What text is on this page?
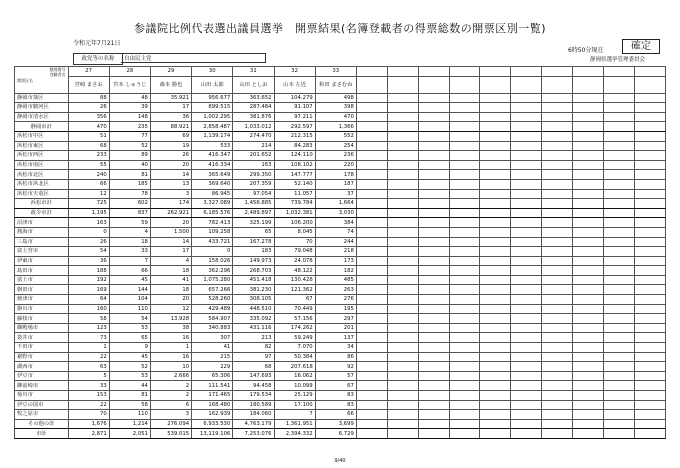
参議院比例代表選出議員選挙　開票結果(名簿登載者の得票総数の開票区別一覧)
令和元年7月21日
政党等の名称	自由民主党
6時50分現在	確定
静岡県選挙管理委員会
整理番号
登載者名
開票区名	27	28	29	30	31	32	33										
	宮崎 まさお	宮本 しゅうじ	森本 勝也	山田 太郎	山田 としお	山本 左近	和田 まさむね										
静岡市葵区	88	48	35.921	956.677	363.652	104.279	498										
静岡市駿河区	26	39	17	899.515	287.484	91.107	398										
静岡市清水区	356	148	36	1,002.295	381.876	97.211	470										
静岡市計	470	235	88.921	2,858.487	1,033.012	292.597	1,366										
浜松市中区	51	77	69	1,139.174	274.470	212.315	552										
浜松市東区	68	52	19	533	214	84.283	254										
浜松市西区	233	89	26	416.347	201.652	124.110	236										
浜松市南区	55	40	20	416.334	163	108.102	220										
浜松市北区	240	81	14	365.649	299.350	147.777	178										
浜松市浜北区	66	185	13	369.640	207.359	52.140	187										
浜松市天竜区	12	78	3	86.945	97.054	11.057	37										
浜松市計	725	602	174	3,327.089	1,456.885	739.784	1,664										
政令市計	1,195	837	262.921	6,185.576	2,489.897	1,032.381	3,030										
沼津市	163	59	20	782.413	325.199	106.200	384										
熱海市	0	4	1.500	109.258	65	8.045	74										
三島市	26	18	14	433.721	167.278	70	244										
富士宮市	54	33	17	0	183	79.048	218										
伊東市	36	7	4	158.026	149.973	24.078	173										
島田市	188	66	18	362.296	268.703	48.122	182										
富士市	192	45	41	1,075.280	451.418	130.428	485										
磐田市	169	144	18	657.266	381.230	121.362	263										
焼津市	64	104	20	528.260	308.105	67	276										
掛川市	160	110	12	429.489	448.510	70.449	195										
藤枝市	58	54	13.928	584.907	335.092	57.156	297										
御殿場市	123	53	38	340.883	431.116	174.262	201										
袋井市	73	65	16	307	213	59.249	137										
下田市	1	9	1	41	82	7.070	34										
裾野市	22	45	16	215	97	50.384	86										
湖西市	63	52	10	229	68	207.618	92										
伊豆市	5	53	2.666	65.306	147.693	16.062	57										
御前崎市	33	44	2	111.541	94.458	10.099	67										
菊川市	153	81	2	171.465	179.534	25.129	83										
伊豆の国市	22	58	6	168.480	180.589	17.100	83										
牧之原市	70	110	3	162.939	184.060	7	66										
その他の計	1,676	1,214	276.094	6,933.530	4,763.179	1,361.951	3,699										
市計	2,871	2,051	539.015	13,119.106	7,253.076	2,394.332	6,729										
9/40
